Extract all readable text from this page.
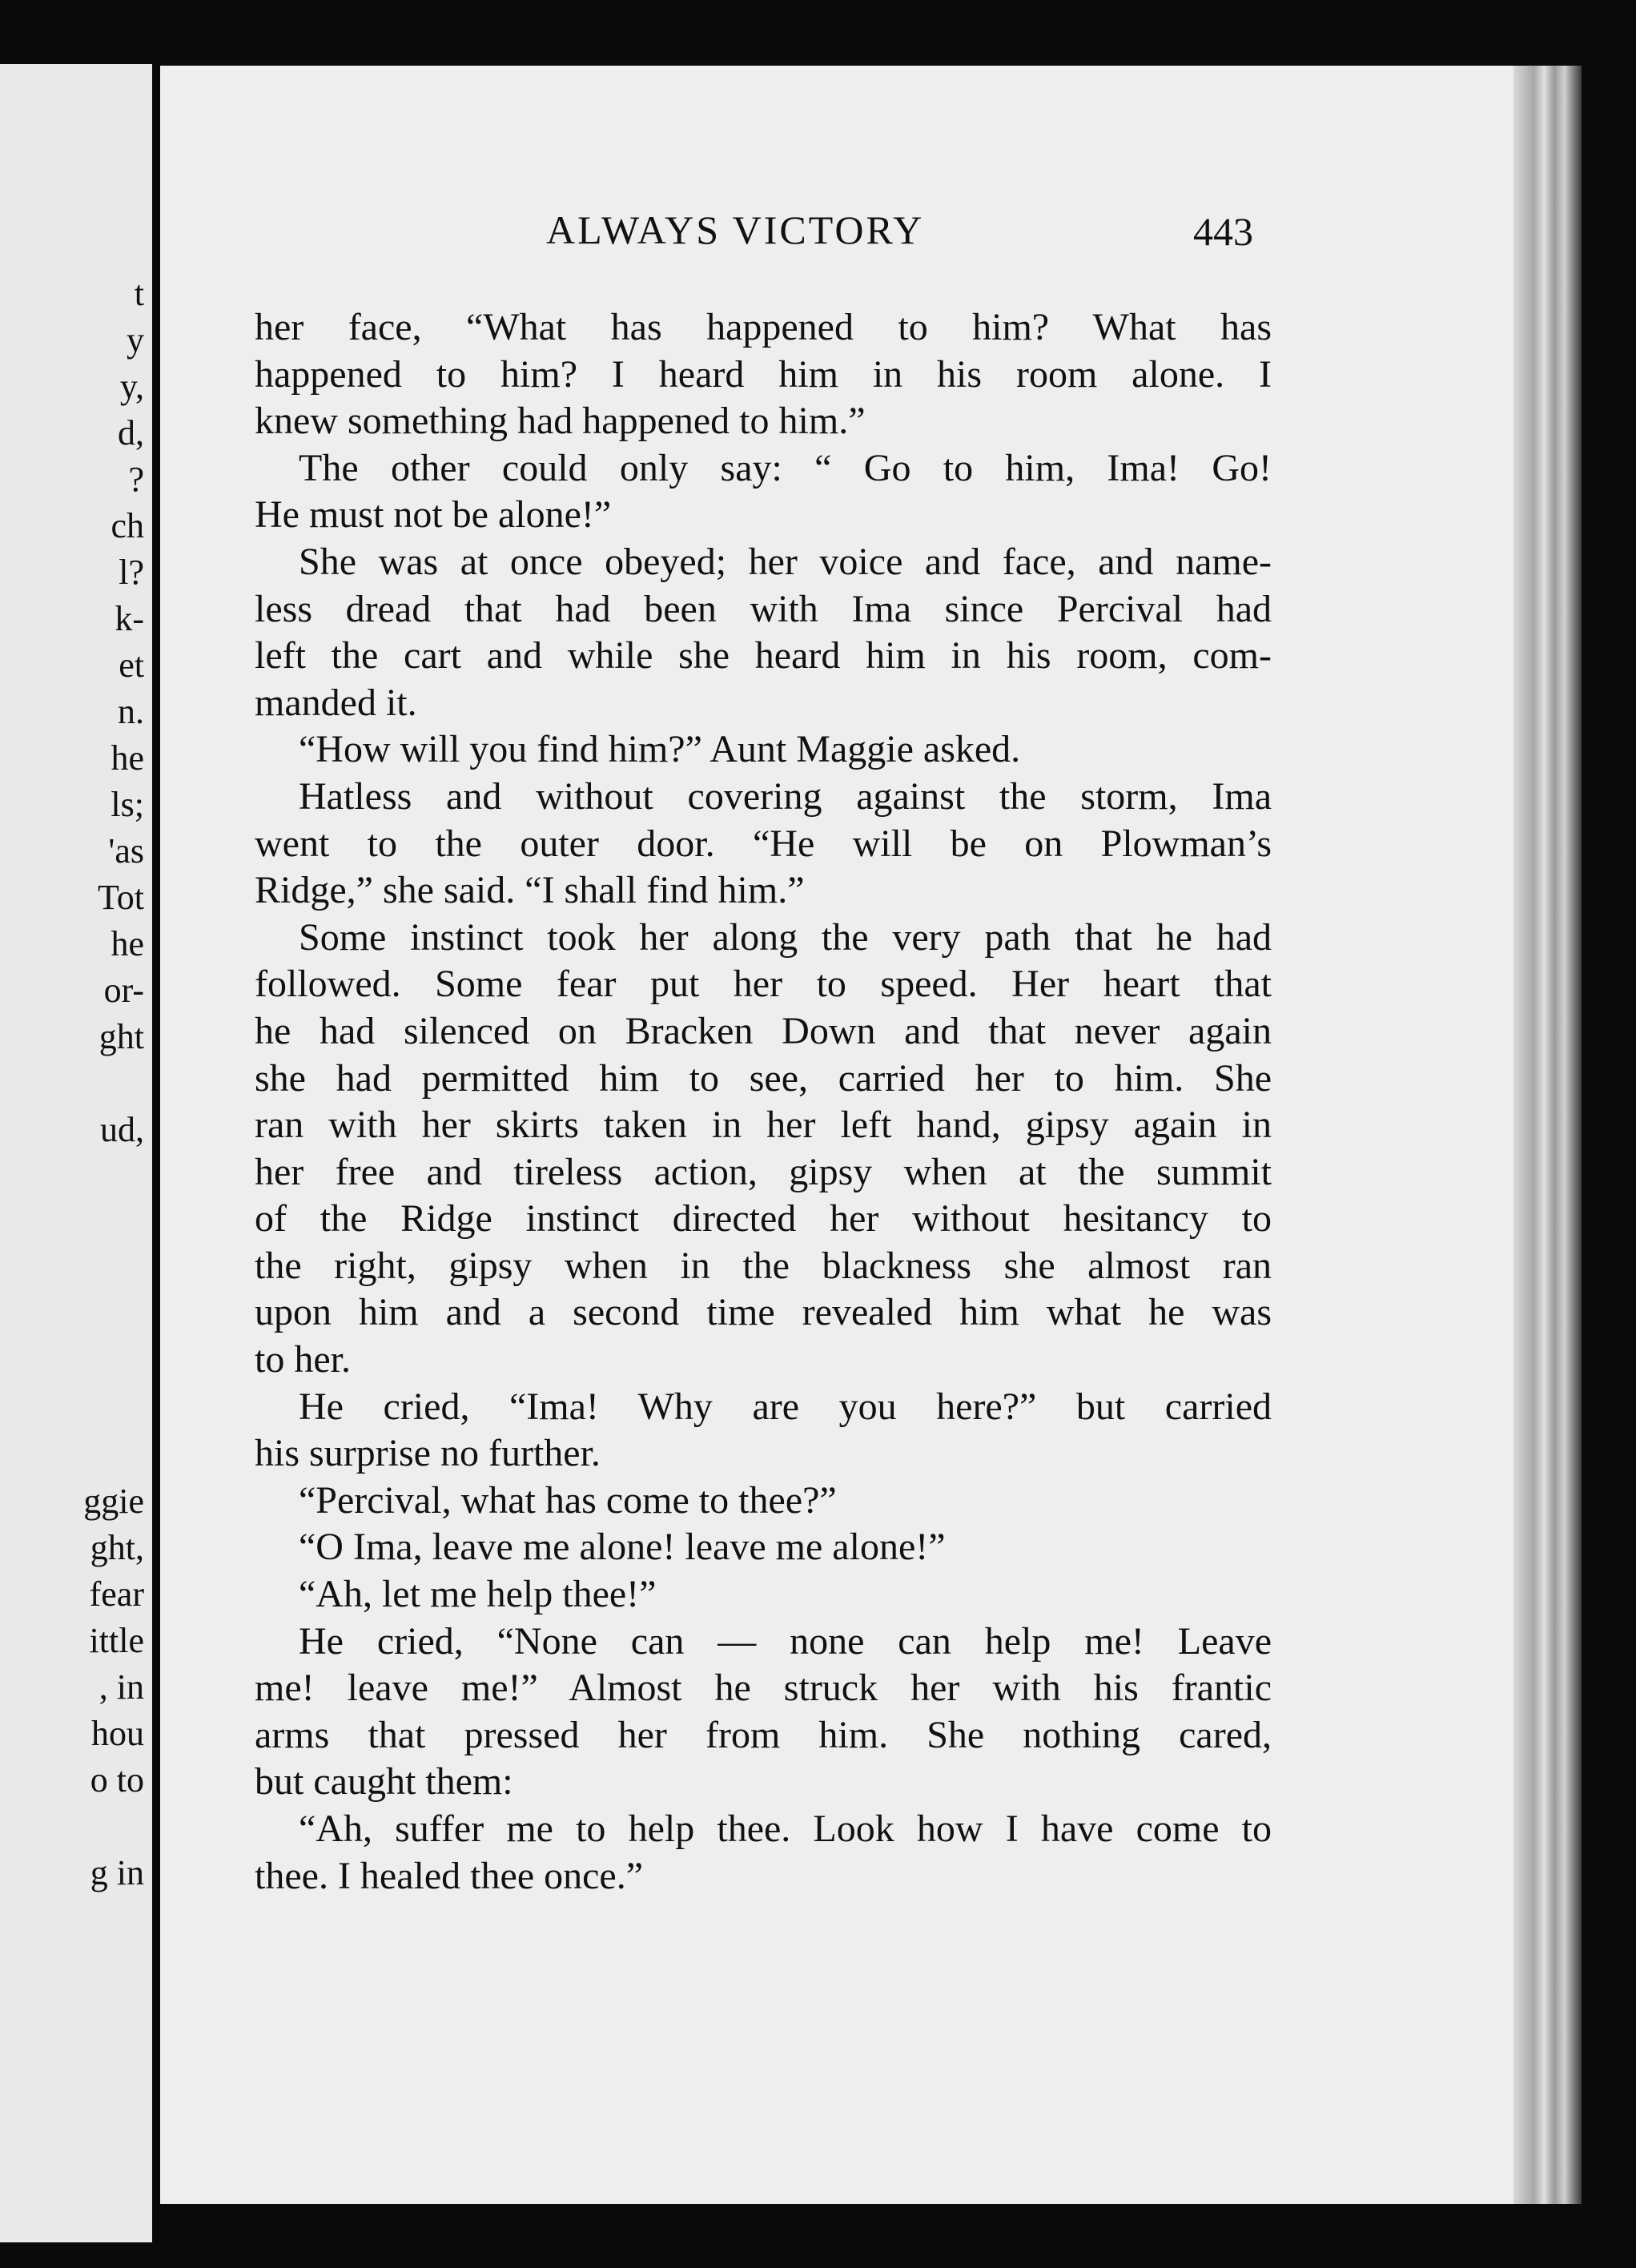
t
y
y,
d,
?
ch
l?
k-
et
n.
he
ls;
'as
Tot
he
or-
ght
ud,
ggie
ght,
fear
ittle
, in
hou
o to
g in
ALWAYS VICTORY	443
her face, “What has happened to him? What has
happened to him? I heard him in his room alone. I
knew something had happened to him.”
The other could only say: “ Go to him, Ima! Go!
He must not be alone!”
She was at once obeyed; her voice and face, and name-
less dread that had been with Ima since Percival had
left the cart and while she heard him in his room, com-
manded it.
“How will you find him?” Aunt Maggie asked.
Hatless and without covering against the storm, Ima
went to the outer door. “He will be on Plowman’s
Ridge,” she said. “I shall find him.”
Some instinct took her along the very path that he had
followed. Some fear put her to speed. Her heart that
he had silenced on Bracken Down and that never again
she had permitted him to see, carried her to him. She
ran with her skirts taken in her left hand, gipsy again in
her free and tireless action, gipsy when at the summit
of the Ridge instinct directed her without hesitancy to
the right, gipsy when in the blackness she almost ran
upon him and a second time revealed him what he was
to her.
He cried, “Ima! Why are you here?” but carried
his surprise no further.
“Percival, what has come to thee?”
“O Ima, leave me alone! leave me alone!”
“Ah, let me help thee!”
He cried, “None can — none can help me! Leave
me! leave me!” Almost he struck her with his frantic
arms that pressed her from him. She nothing cared,
but caught them:
“Ah, suffer me to help thee. Look how I have come to
thee. I healed thee once.”
